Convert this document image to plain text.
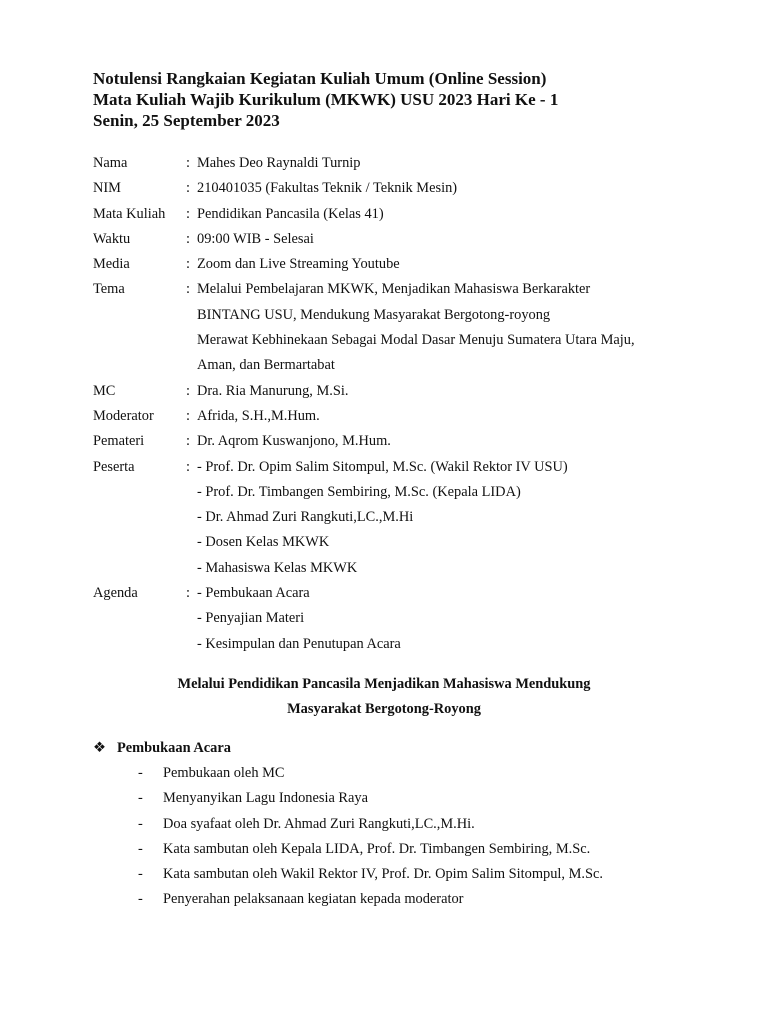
Notulensi Rangkaian Kegiatan Kuliah Umum (Online Session)
Mata Kuliah Wajib Kurikulum (MKWK) USU 2023 Hari Ke - 1
Senin, 25 September 2023
Nama	: Mahes Deo Raynaldi Turnip
NIM	: 210401035 (Fakultas Teknik / Teknik Mesin)
Mata Kuliah : Pendidikan Pancasila (Kelas 41)
Waktu	: 09:00 WIB - Selesai
Media	: Zoom dan Live Streaming Youtube
Tema	: Melalui Pembelajaran MKWK, Menjadikan Mahasiswa Berkarakter
BINTANG USU, Mendukung Masyarakat Bergotong-royong
Merawat Kebhinekaan Sebagai Modal Dasar Menuju Sumatera Utara Maju,
Aman, dan Bermartabat
MC	: Dra. Ria Manurung, M.Si.
Moderator : Afrida, S.H.,M.Hum.
Pemateri	: Dr. Aqrom Kuswanjono, M.Hum.
Peserta	: - Prof. Dr. Opim Salim Sitompul, M.Sc. (Wakil Rektor IV USU)
- Prof. Dr. Timbangen Sembiring, M.Sc. (Kepala LIDA)
- Dr. Ahmad Zuri Rangkuti,LC.,M.Hi
- Dosen Kelas MKWK
- Mahasiswa Kelas MKWK
Agenda	: - Pembukaan Acara
- Penyajian Materi
- Kesimpulan dan Penutupan Acara
Melalui Pendidikan Pancasila Menjadikan Mahasiswa Mendukung
Masyarakat Bergotong-Royong
❖ Pembukaan Acara
- Pembukaan oleh MC
- Menyanyikan Lagu Indonesia Raya
- Doa syafaat oleh Dr. Ahmad Zuri Rangkuti,LC.,M.Hi.
- Kata sambutan oleh Kepala LIDA, Prof. Dr. Timbangen Sembiring, M.Sc.
- Kata sambutan oleh Wakil Rektor IV, Prof. Dr. Opim Salim Sitompul, M.Sc.
- Penyerahan pelaksanaan kegiatan kepada moderator
